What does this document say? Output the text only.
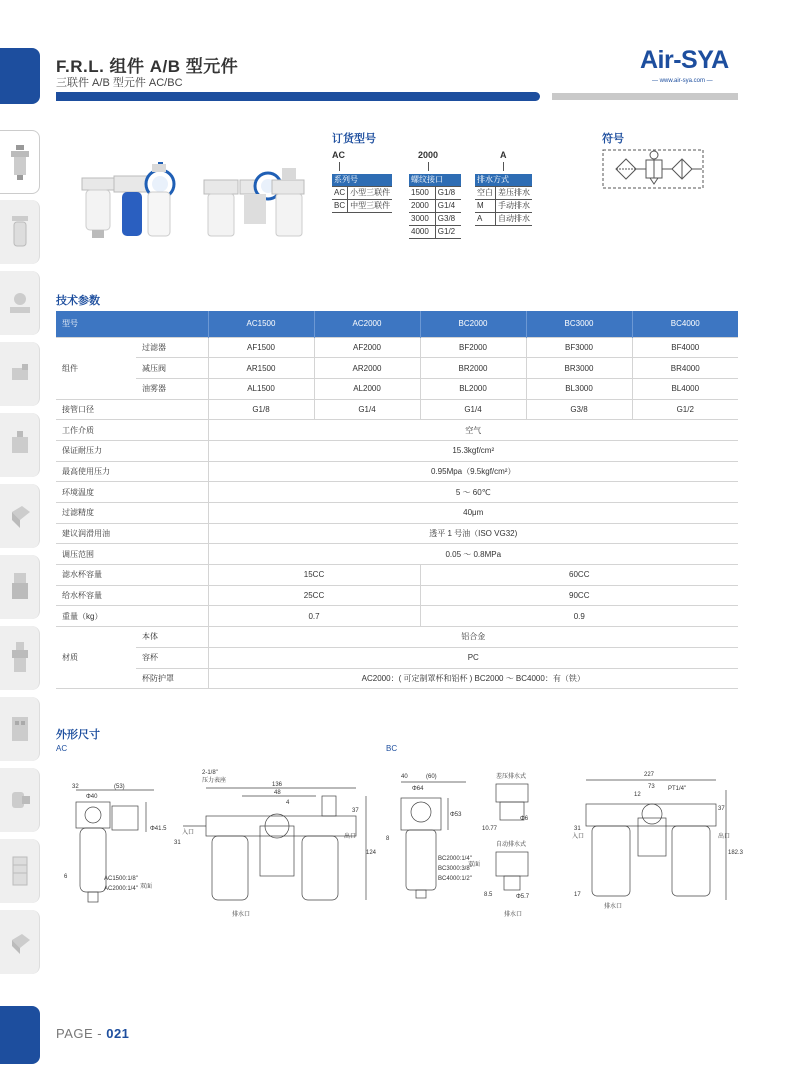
F.R.L. 组件 A/B 型元件
三联件 A/B 型元件 AC/BC
Air-SYA
— www.air-sya.com —
订货型号
AC	2000	A
系列号	
AC	小型三联件
BC	中型三联件
螺纹接口	
1500	G1/8
2000	G1/4
3000	G3/8
4000	G1/2
排水方式	
空白	差压排水
M	手动排水
A	自动排水
符号
技术参数
型号		AC1500	AC2000	BC2000	BC3000	BC4000
组件	过滤器	AF1500	AF2000	BF2000	BF3000	BF4000
	减压阀	AR1500	AR2000	BR2000	BR3000	BR4000
	油雾器	AL1500	AL2000	BL2000	BL3000	BL4000
接管口径		G1/8	G1/4	G1/4	G3/8	G1/2
工作介质		空气				
保证耐压力		15.3kgf/cm²				
最高使用压力		0.95Mpa（9.5kgf/cm²）				
环境温度		5 ～ 60℃				
过滤精度		40μm				
建议润滑用油		透平 1 号油（ISO VG32)				
调压范围		0.05 ～ 0.8MPa				
滤水杯容量		15CC		60CC		
给水杯容量		25CC		90CC		
重量（kg）		0.7		0.9		
材质	本体	铝合金				
	容杯	PC				
	杯防护罩	AC2000：( 可定制罩杯和铝杯 ) BC2000 ～ BC4000：有（铁）				
外形尺寸
AC	BC
32	(53)
Φ40
Φ41.5
6	AC1500:1/8"
AC2000:1/4" 双面
2-1/8"
压力表座
136
48
4
37
31
124
入口
出口
排水口
40	(60)
Φ64
Φ53
8
BC2000:1/4"
BC3000:3/8"
BC4000:1/2"
双面
差压排水式
10.77
Φ6
自动排水式
8.5	Φ5.7
排水口
227
73
12
PT1/4"
37
31
入口	出口
182.3
17
排水口
PAGE - 021
